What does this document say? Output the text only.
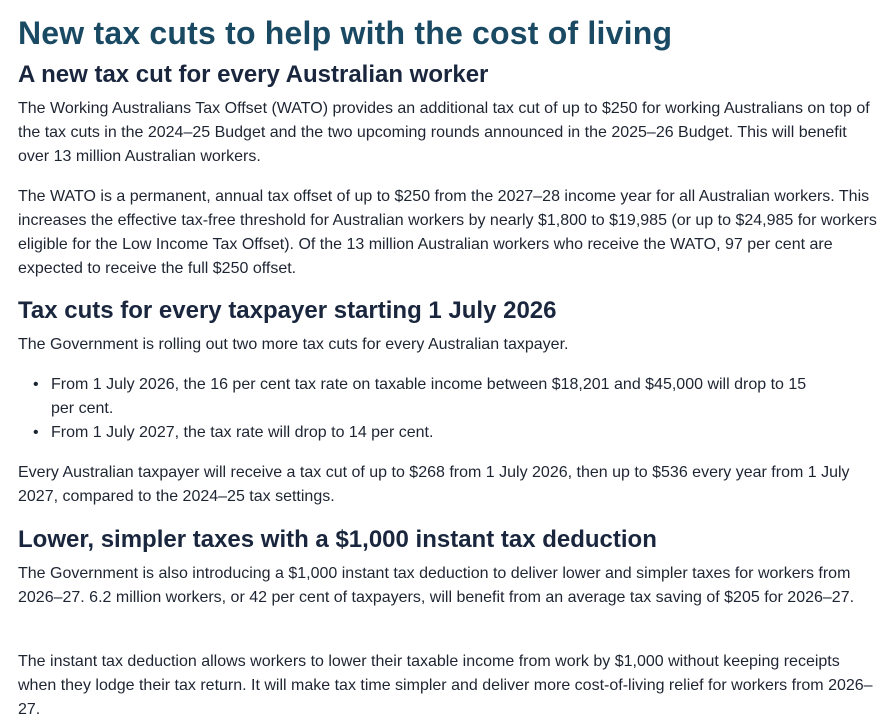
New tax cuts to help with the cost of living
A new tax cut for every Australian worker

The Working Australians Tax Offset (WATO) provides an additional tax cut of up to $250 for working Australians on top of the tax cuts in the 2024–25 Budget and the two upcoming rounds announced in the 2025–26 Budget. This will benefit over 13 million Australian workers.

The WATO is a permanent, annual tax offset of up to $250 from the 2027–28 income year for all Australian workers. This increases the effective tax-free threshold for Australian workers by nearly $1,800 to $19,985 (or up to $24,985 for workers eligible for the Low Income Tax Offset). Of the 13 million Australian workers who receive the WATO, 97 per cent are expected to receive the full $250 offset.

Tax cuts for every taxpayer starting 1 July 2026

The Government is rolling out two more tax cuts for every Australian taxpayer.

• From 1 July 2026, the 16 per cent tax rate on taxable income between $18,201 and $45,000 will drop to 15 per cent.
• From 1 July 2027, the tax rate will drop to 14 per cent.

Every Australian taxpayer will receive a tax cut of up to $268 from 1 July 2026, then up to $536 every year from 1 July 2027, compared to the 2024–25 tax settings.

Lower, simpler taxes with a $1,000 instant tax deduction

The Government is also introducing a $1,000 instant tax deduction to deliver lower and simpler taxes for workers from 2026–27. 6.2 million workers, or 42 per cent of taxpayers, will benefit from an average tax saving of $205 for 2026–27.

The instant tax deduction allows workers to lower their taxable income from work by $1,000 without keeping receipts when they lodge their tax return. It will make tax time simpler and deliver more cost-of-living relief for workers from 2026–27.
